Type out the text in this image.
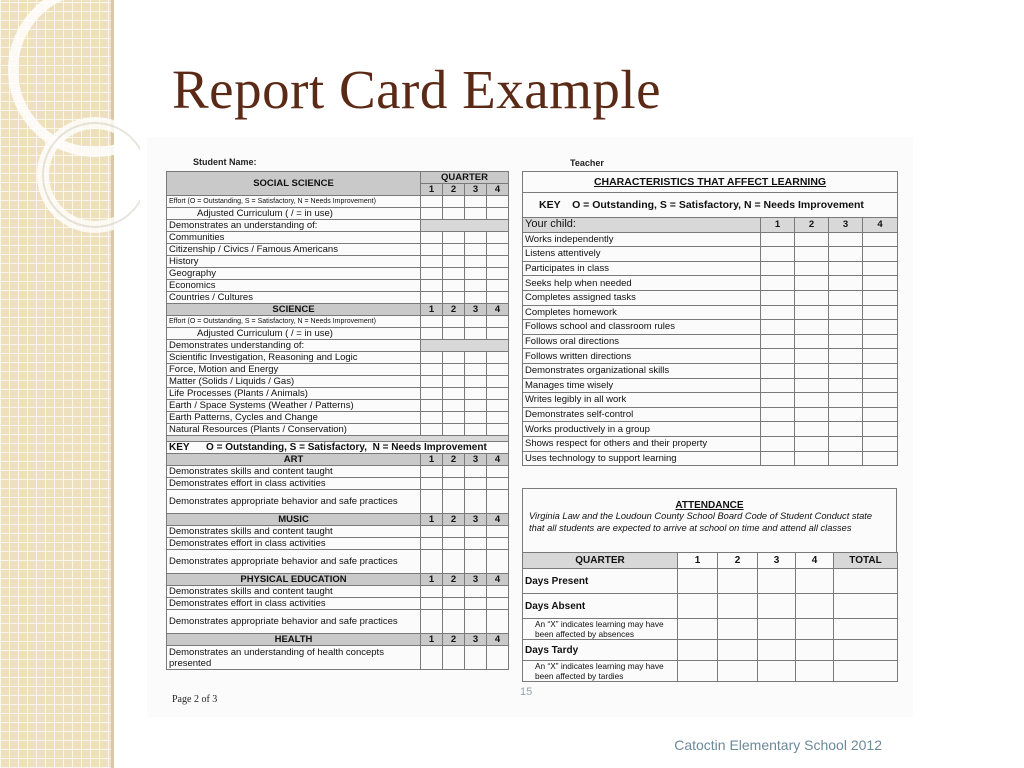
Report Card Example
Student Name:	Teacher
SOCIAL SCIENCE	QUARTER			
	1	2	3	4
Effort (O = Outstanding, S = Satisfactory, N = Needs Improvement)				
Adjusted Curriculum ( / = in use)				
Demonstrates an understanding of:				
Communities				
Citizenship / Civics / Famous Americans				
History				
Geography				
Economics				
Countries / Cultures				
SCIENCE	1	2	3	4
Effort (O = Outstanding, S = Satisfactory, N = Needs Improvement)				
Adjusted Curriculum ( / = in use)				
Demonstrates understanding of:				
Scientific Investigation, Reasoning and Logic				
Force, Motion and Energy				
Matter (Solids / Liquids / Gas)				
Life Processes (Plants / Animals)				
Earth / Space Systems (Weather / Patterns)				
Earth Patterns, Cycles and Change				
Natural Resources (Plants / Conservation)				

KEY      O = Outstanding, S = Satisfactory,  N = Needs Improvement				
ART	1	2	3	4
Demonstrates skills and content taught				
Demonstrates effort in class activities				
Demonstrates appropriate behavior and safe practices				
MUSIC	1	2	3	4
Demonstrates skills and content taught				
Demonstrates effort in class activities				
Demonstrates appropriate behavior and safe practices				
PHYSICAL EDUCATION	1	2	3	4
Demonstrates skills and content taught				
Demonstrates effort in class activities				
Demonstrates appropriate behavior and safe practices				
HEALTH	1	2	3	4
Demonstrates an understanding of health concepts presented				
CHARACTERISTICS THAT AFFECT LEARNING				
KEY    O = Outstanding, S = Satisfactory, N = Needs Improvement				
Your child:	1	2	3	4
Works independently				
Listens attentively				
Participates in class				
Seeks help when needed				
Completes assigned tasks				
Completes homework				
Follows school and classroom rules				
Follows oral directions				
Follows written directions				
Demonstrates organizational skills				
Manages time wisely				
Writes legibly in all work				
Demonstrates self-control				
Works productively in a group				
Shows respect for others and their property				
Uses technology to support learning				
ATTENDANCE
Virginia Law and the Loudoun County School Board Code of Student Conduct state that all students are expected to arrive at school on time and attend all classes
QUARTER	1	2	3	4	TOTAL
Days Present					
Days Absent					
An “X” indicates learning may have been affected by absences					
Days Tardy					
An “X” indicates learning may have been affected by tardies					
Page 2 of 3
15
Catoctin Elementary School 2012
